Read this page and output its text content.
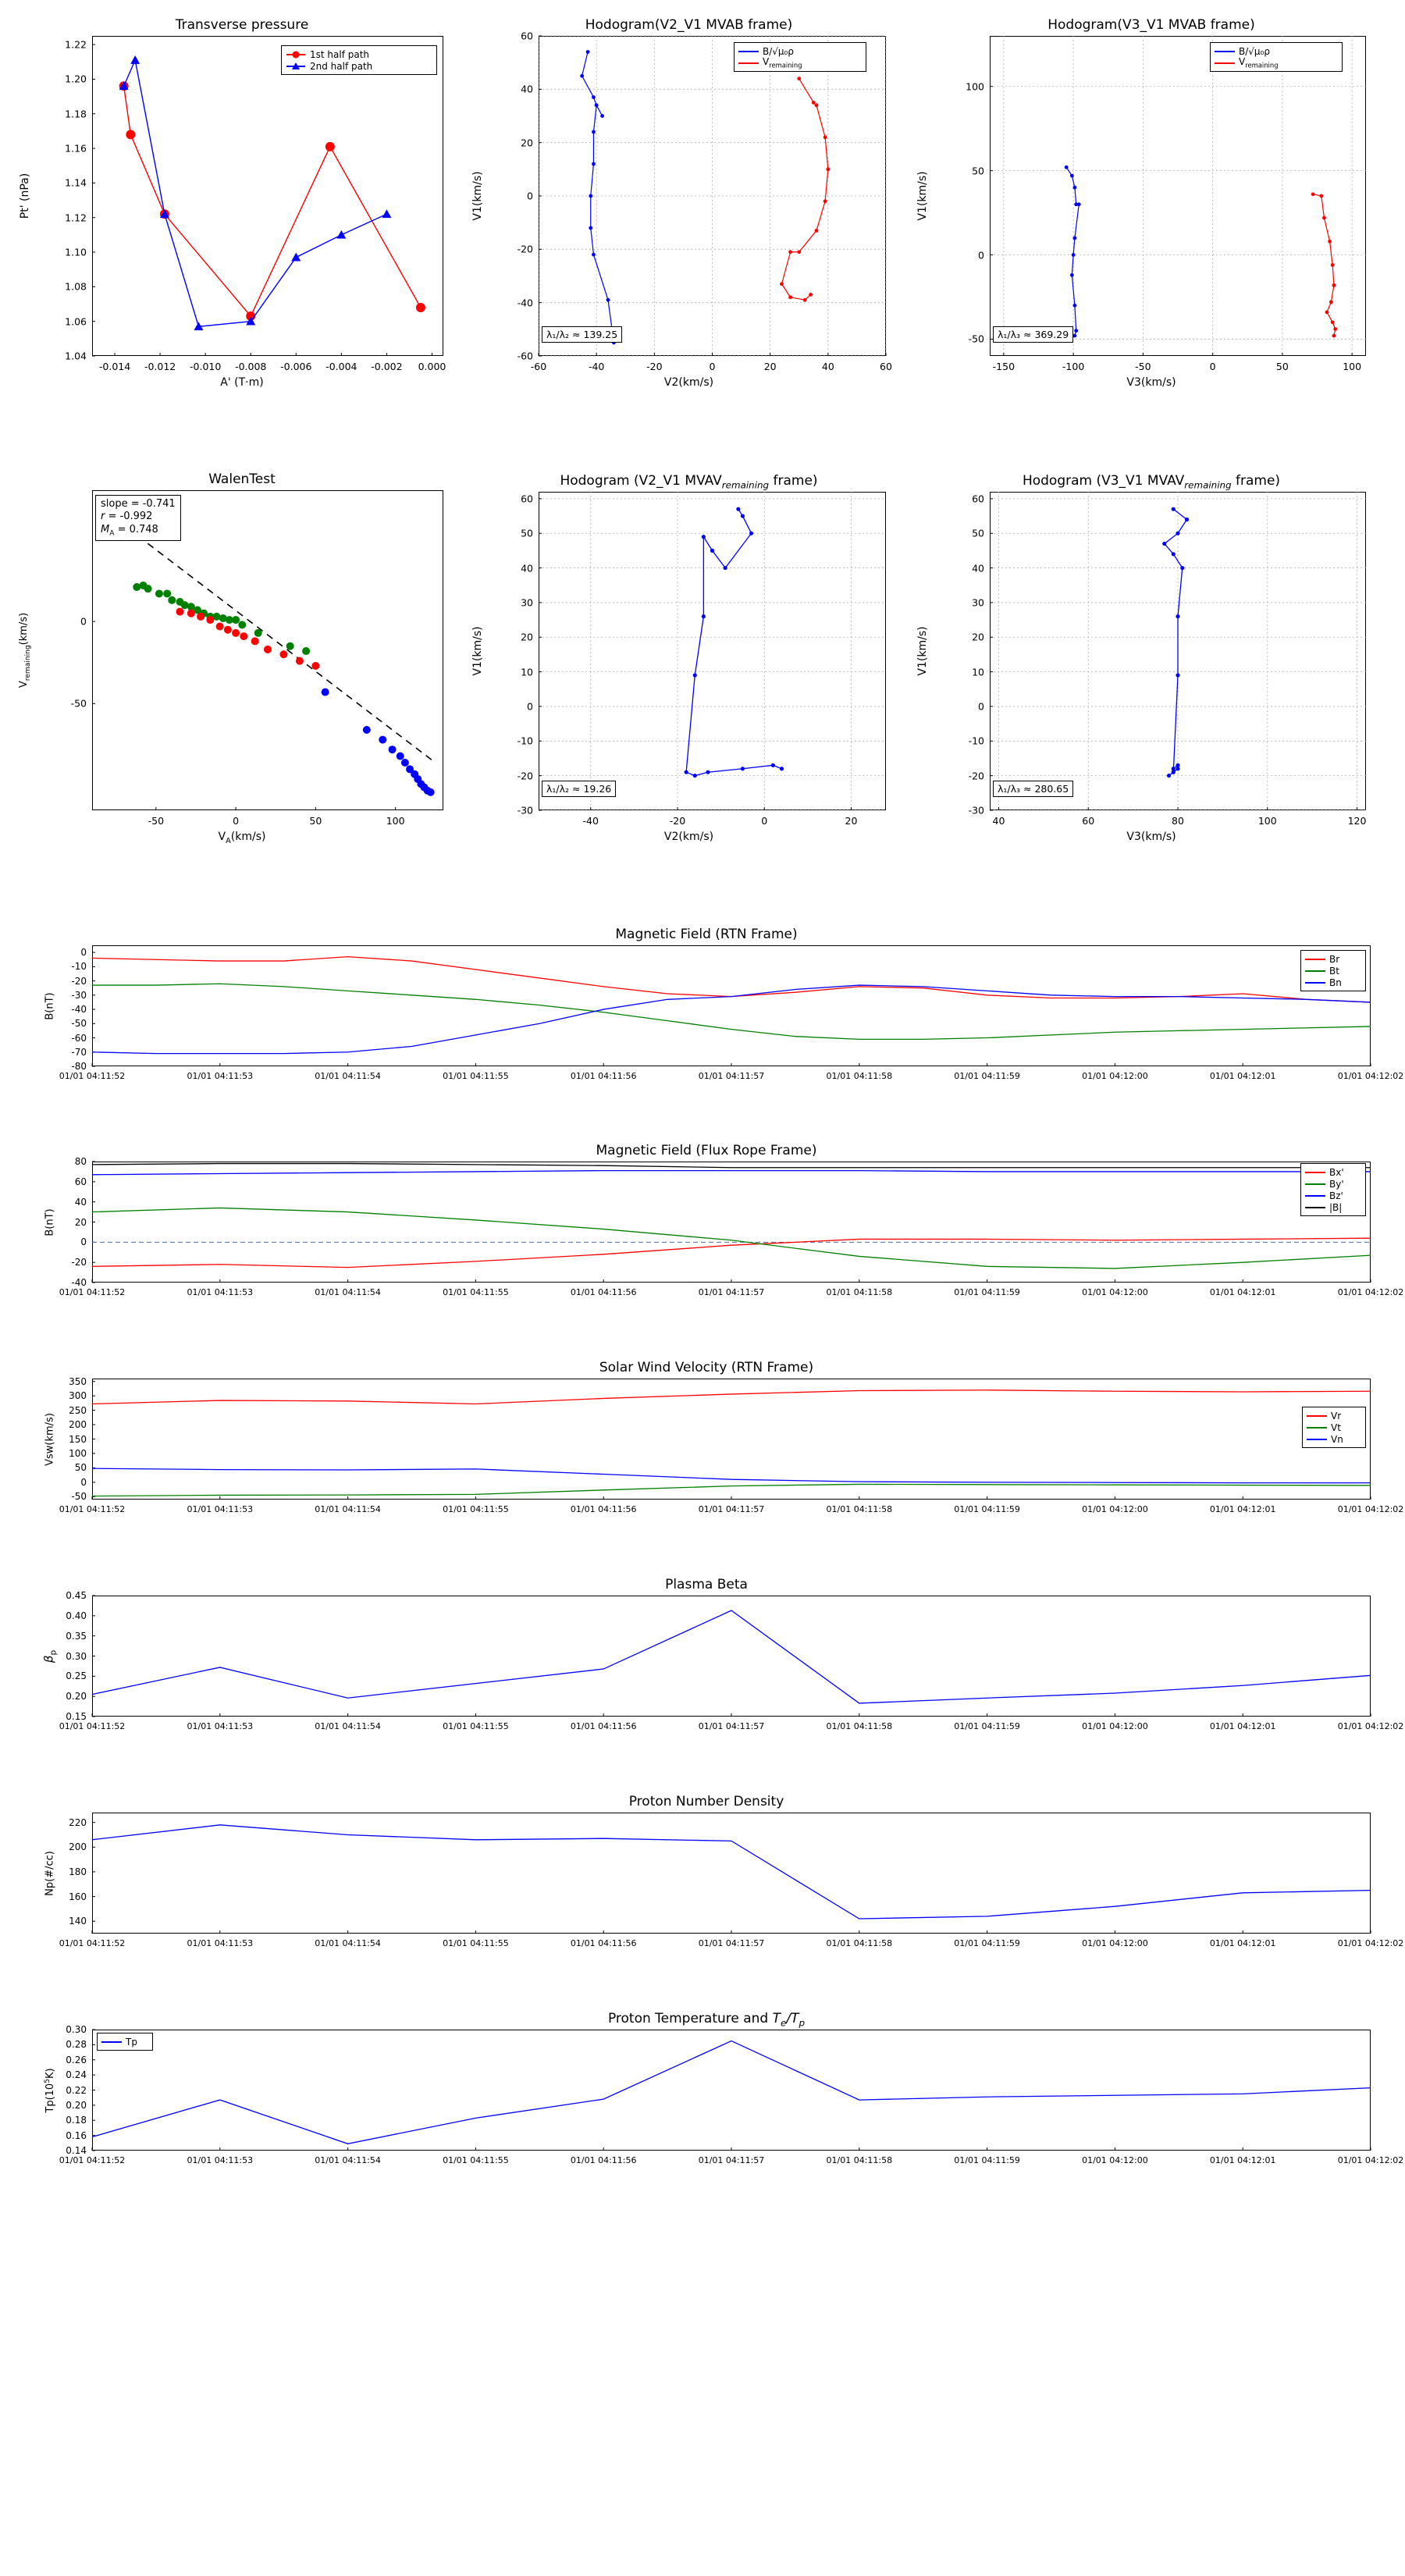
Transverse pressure
-0.014 -0.012 -0.010 -0.008 -0.006 -0.004 -0.002 0.000
1.04
1.06
1.08
1.10
1.12
1.14
1.16
1.18
1.20
1.22
A' (T·m)
Pt' (nPa)
1st half path
2nd half path
Hodogram(V2_V1 MVAB frame)
-60	-40	-20	0	20	40	60
-60
-40
-20
0
20
40
60
V2(km/s)
V1(km/s)
B/√μ₀ρ
$V_{remaining}$
λ₁/λ₂ ≈ 139.25
Hodogram(V3_V1 MVAB frame)
-150	-100	-50	0	50	100
-50
0
50
100
V3(km/s)
V1(km/s)
B/√μ₀ρ
$V_{remaining}$
λ₁/λ₃ ≈ 369.29
WalenTest
-50	0	50	100
-50
0
$V_A(km/s)$
$V_{remaining}(km/s)$
slope = -0.741
r = -0.992
$M_A = 0.748$
Hodogram (V2_V1 $MVAV_{remaining}$ frame)
-40	-20	0	20
-30
-20
-10
0
10
20
30
40
50
60
V2(km/s)
V1(km/s)
λ₁/λ₂ ≈ 19.26
Hodogram (V3_V1 $MVAV_{remaining}$ frame)
40	60	80	100	120
-30
-20
-10
0
10
20
30
40
50
60
V3(km/s)
V1(km/s)
λ₁/λ₃ ≈ 280.65
Magnetic Field (RTN Frame)
01/01 04:11:52	01/01 04:11:53	01/01 04:11:54	01/01 04:11:55	01/01 04:11:56	01/01 04:11:57	01/01 04:11:58	01/01 04:11:59	01/01 04:12:00	01/01 04:12:01	01/01 04:12:02
-80
-70
-60
-50
-40
-30
-20
-10
0
B(nT)
Br
Bt
Bn
Magnetic Field (Flux Rope Frame)
01/01 04:11:52	01/01 04:11:53	01/01 04:11:54	01/01 04:11:55	01/01 04:11:56	01/01 04:11:57	01/01 04:11:58	01/01 04:11:59	01/01 04:12:00	01/01 04:12:01	01/01 04:12:02
-40
-20
0
20
40
60
80
B(nT)
Bx'
By'
Bz'
|B|
Solar Wind Velocity (RTN Frame)
01/01 04:11:52	01/01 04:11:53	01/01 04:11:54	01/01 04:11:55	01/01 04:11:56	01/01 04:11:57	01/01 04:11:58	01/01 04:11:59	01/01 04:12:00	01/01 04:12:01	01/01 04:12:02
-50
0
50
100
150
200
250
300
350
Vsw(km/s)	Vr
Vt
Vn
Plasma Beta
01/01 04:11:52	01/01 04:11:53	01/01 04:11:54	01/01 04:11:55	01/01 04:11:56	01/01 04:11:57	01/01 04:11:58	01/01 04:11:59	01/01 04:12:00	01/01 04:12:01	01/01 04:12:02
0.15
0.20
0.25
0.30
0.35
0.40
0.45
$\beta_p$
Proton Number Density
01/01 04:11:52	01/01 04:11:53	01/01 04:11:54	01/01 04:11:55	01/01 04:11:56	01/01 04:11:57	01/01 04:11:58	01/01 04:11:59	01/01 04:12:00	01/01 04:12:01	01/01 04:12:02
140
160
180
200
220
Np(#/cc)
Proton Temperature and $T_e/T_p$
01/01 04:11:52	01/01 04:11:53	01/01 04:11:54	01/01 04:11:55	01/01 04:11:56	01/01 04:11:57	01/01 04:11:58	01/01 04:11:59	01/01 04:12:00	01/01 04:12:01	01/01 04:12:02
0.14
0.16
0.18
0.20
0.22
0.24
0.26
0.28
0.30
$Tp(10^5K)$
Tp
